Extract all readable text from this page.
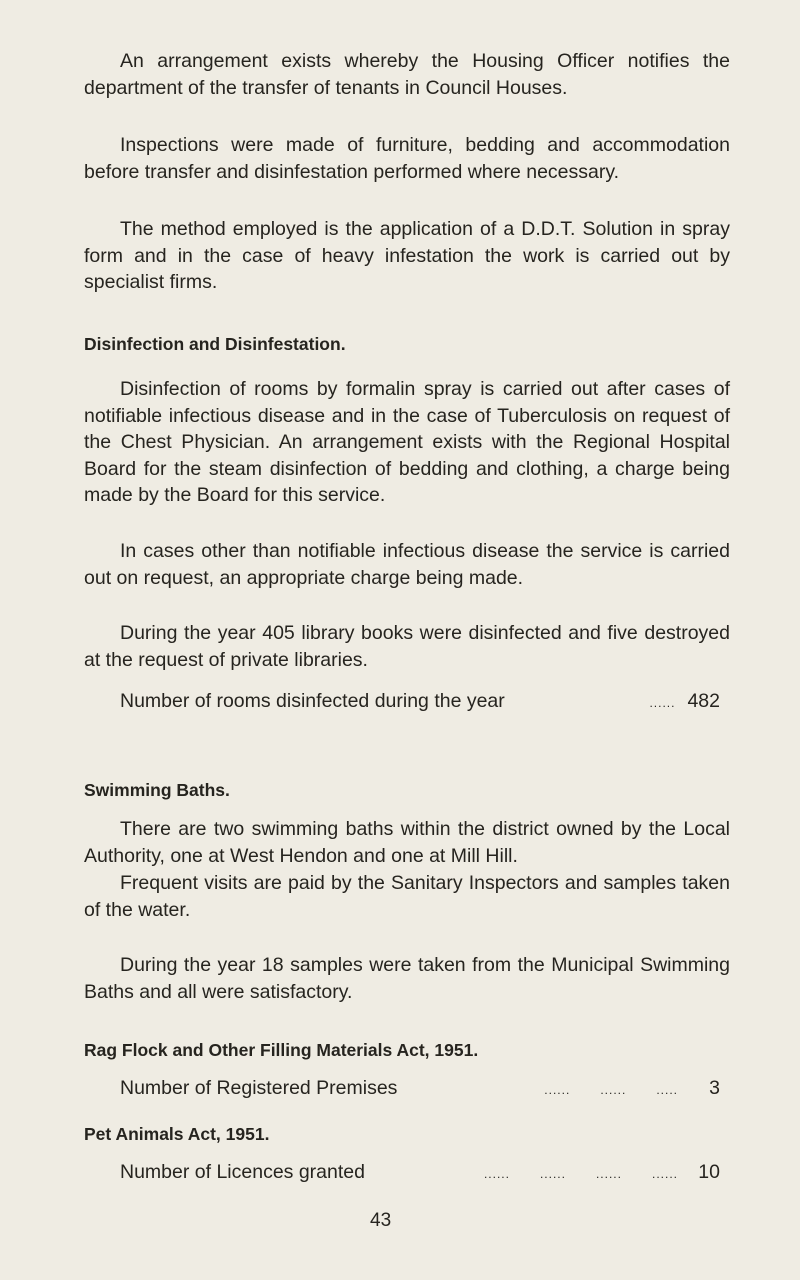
An arrangement exists whereby the Housing Officer notifies the department of the transfer of tenants in Council Houses.

Inspections were made of furniture, bedding and accommodation before transfer and disinfestation performed where necessary.

The method employed is the application of a D.D.T. Solution in spray form and in the case of heavy infestation the work is carried out by specialist firms.

Disinfection and Disinfestation.

Disinfection of rooms by formalin spray is carried out after cases of notifiable infectious disease and in the case of Tuberculosis on request of the Chest Physician. An arrangement exists with the Regional Hospital Board for the steam disinfection of bedding and clothing, a charge being made by the Board for this service.

In cases other than notifiable infectious disease the service is carried out on request, an appropriate charge being made.

During the year 405 library books were disinfected and five destroyed at the request of private libraries.

Number of rooms disinfected during the year	...... 482
Swimming Baths.

There are two swimming baths within the district owned by the Local Authority, one at West Hendon and one at Mill Hill.

Frequent visits are paid by the Sanitary Inspectors and samples taken of the water.

During the year 18 samples were taken from the Municipal Swimming Baths and all were satisfactory.

Rag Flock and Other Filling Materials Act, 1951.
Number of Registered Premises	......	......	.....	3
Pet Animals Act, 1951.
Number of Licences granted	......	......	......	......	10
43
